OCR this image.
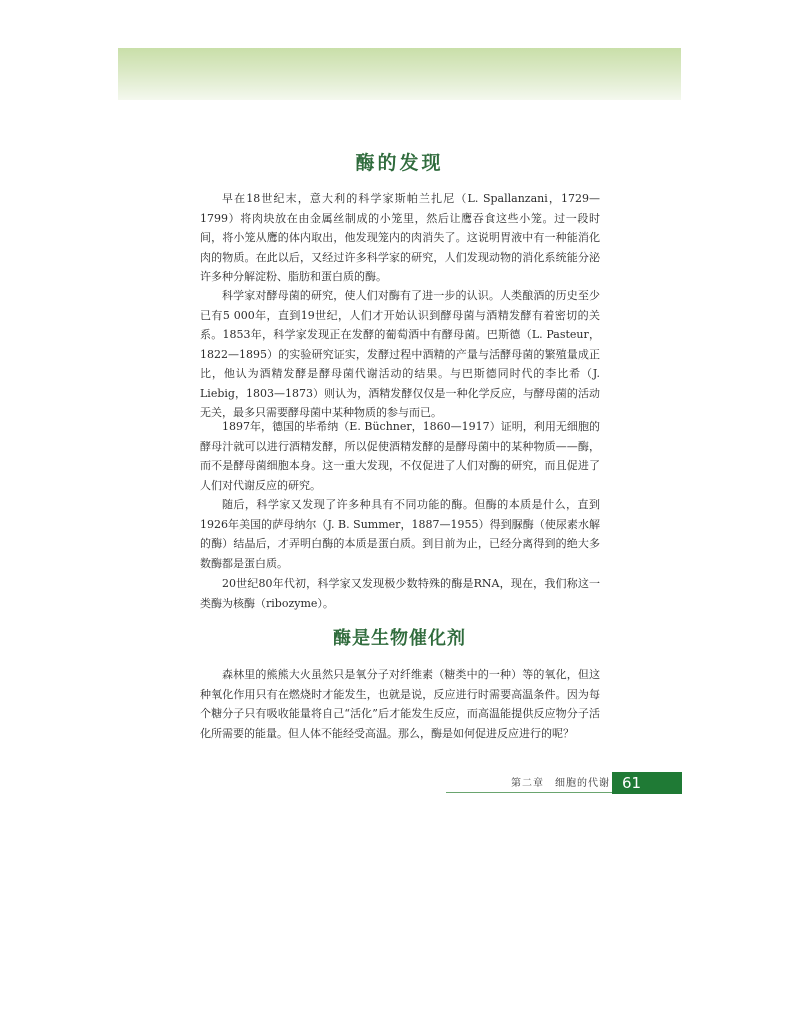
酶的发现

早在18世纪末，意大利的科学家斯帕兰扎尼（L. Spallanzani，1729—1799）将肉块放在由金属丝制成的小笼里，然后让鹰吞食这些小笼。过一段时间，将小笼从鹰的体内取出，他发现笼内的肉消失了。这说明胃液中有一种能消化肉的物质。在此以后，又经过许多科学家的研究，人们发现动物的消化系统能分泌许多种分解淀粉、脂肪和蛋白质的酶。

科学家对酵母菌的研究，使人们对酶有了进一步的认识。人类酿酒的历史至少已有5 000年，直到19世纪，人们才开始认识到酵母菌与酒精发酵有着密切的关系。1853年，科学家发现正在发酵的葡萄酒中有酵母菌。巴斯德（L. Pasteur，1822—1895）的实验研究证实，发酵过程中酒精的产量与活酵母菌的繁殖量成正比，他认为酒精发酵是酵母菌代谢活动的结果。与巴斯德同时代的李比希（J. Liebig，1803—1873）则认为，酒精发酵仅仅是一种化学反应，与酵母菌的活动无关，最多只需要酵母菌中某种物质的参与而已。

1897年，德国的毕希纳（E. Büchner，1860—1917）证明，利用无细胞的酵母汁就可以进行酒精发酵，所以促使酒精发酵的是酵母菌中的某种物质——酶，而不是酵母菌细胞本身。这一重大发现，不仅促进了人们对酶的研究，而且促进了人们对代谢反应的研究。

随后，科学家又发现了许多种具有不同功能的酶。但酶的本质是什么，直到1926年美国的萨母纳尔（J. B. Summer，1887—1955）得到脲酶（使尿素水解的酶）结晶后，才弄明白酶的本质是蛋白质。到目前为止，已经分离得到的绝大多数酶都是蛋白质。

20世纪80年代初，科学家又发现极少数特殊的酶是RNA，现在，我们称这一类酶为核酶（ribozyme）。

酶是生物催化剂

森林里的熊熊大火虽然只是氧分子对纤维素（糖类中的一种）等的氧化，但这种氧化作用只有在燃烧时才能发生，也就是说，反应进行时需要高温条件。因为每个糖分子只有吸收能量将自己“活化”后才能发生反应，而高温能提供反应物分子活化所需要的能量。但人体不能经受高温。那么，酶是如何促进反应进行的呢？

第二章　细胞的代谢 61
